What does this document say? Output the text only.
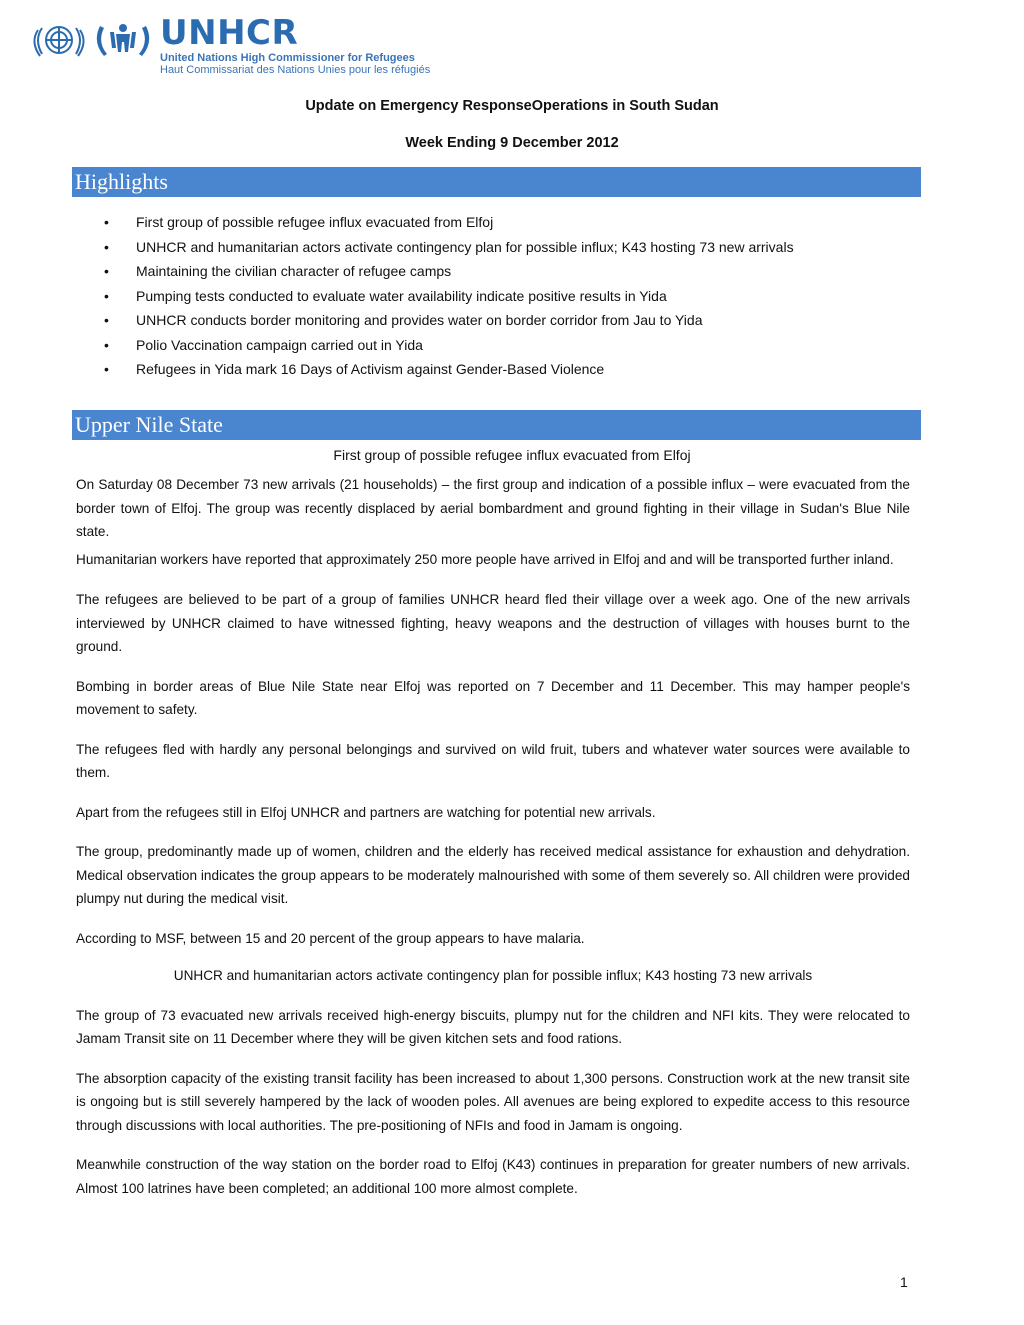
UNHCR
United Nations High Commissioner for Refugees
Haut Commissariat des Nations Unies pour les réfugiés
Update on Emergency ResponseOperations in South Sudan
Week Ending 9 December 2012
Highlights
• First group of possible refugee influx evacuated from Elfoj
• UNHCR and humanitarian actors activate contingency plan for possible influx; K43 hosting 73 new arrivals
• Maintaining the civilian character of refugee camps
• Pumping tests conducted to evaluate water availability indicate positive results in Yida
• UNHCR conducts border monitoring and provides water on border corridor from Jau to Yida
• Polio Vaccination campaign carried out in Yida
• Refugees in Yida mark 16 Days of Activism against Gender-Based Violence
Upper Nile State
First group of possible refugee influx evacuated from Elfoj

On Saturday 08 December 73 new arrivals (21 households) – the first group and indication of a possible influx – were evacuated from the border town of Elfoj. The group was recently displaced by aerial bombardment and ground fighting in their village in Sudan's Blue Nile state.

Humanitarian workers have reported that approximately 250 more people have arrived in Elfoj and and will be transported further inland.

The refugees are believed to be part of a group of families UNHCR heard fled their village over a week ago. One of the new arrivals interviewed by UNHCR claimed to have witnessed fighting, heavy weapons and the destruction of villages with houses burnt to the ground.

Bombing in border areas of Blue Nile State near Elfoj was reported on 7 December and 11 December. This may hamper people's movement to safety.

The refugees fled with hardly any personal belongings and survived on wild fruit, tubers and whatever water sources were available to them.

Apart from the refugees still in Elfoj UNHCR and partners are watching for potential new arrivals.

The group, predominantly made up of women, children and the elderly has received medical assistance for exhaustion and dehydration. Medical observation indicates the group appears to be moderately malnourished with some of them severely so. All children were provided plumpy nut during the medical visit.

According to MSF, between 15 and 20 percent of the group appears to have malaria.

UNHCR and humanitarian actors activate contingency plan for possible influx; K43 hosting 73 new arrivals

The group of 73 evacuated new arrivals received high-energy biscuits, plumpy nut for the children and NFI kits. They were relocated to Jamam Transit site on 11 December where they will be given kitchen sets and food rations.

The absorption capacity of the existing transit facility has been increased to about 1,300 persons. Construction work at the new transit site is ongoing but is still severely hampered by the lack of wooden poles. All avenues are being explored to expedite access to this resource through discussions with local authorities. The pre-positioning of NFIs and food in Jamam is ongoing.

Meanwhile construction of the way station on the border road to Elfoj (K43) continues in preparation for greater numbers of new arrivals. Almost 100 latrines have been completed; an additional 100 more almost complete.

1
